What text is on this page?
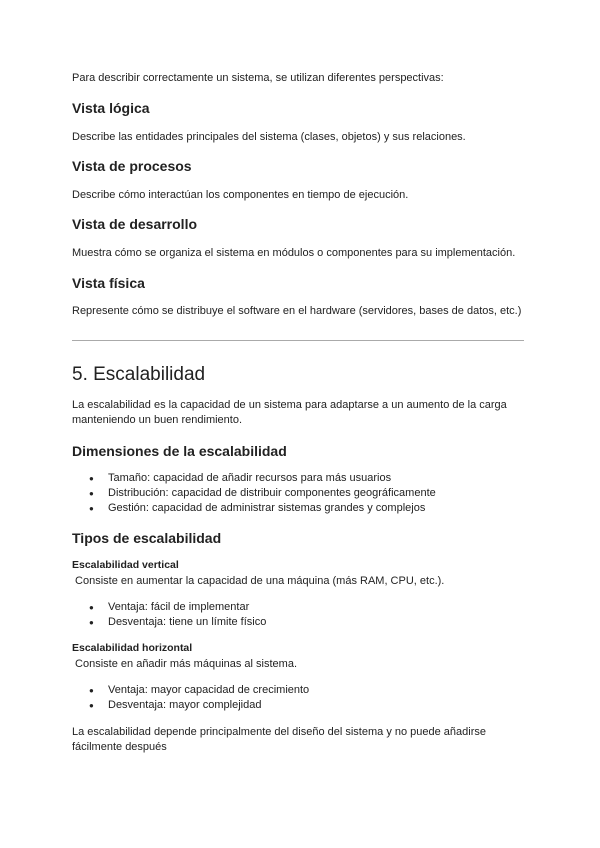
Para describir correctamente un sistema, se utilizan diferentes perspectivas:
Vista lógica
Describe las entidades principales del sistema (clases, objetos) y sus relaciones.
Vista de procesos
Describe cómo interactúan los componentes en tiempo de ejecución.
Vista de desarrollo
Muestra cómo se organiza el sistema en módulos o componentes para su implementación.
Vista física
Represente cómo se distribuye el software en el hardware (servidores, bases de datos, etc.)
5. Escalabilidad
La escalabilidad es la capacidad de un sistema para adaptarse a un aumento de la carga
manteniendo un buen rendimiento.
Dimensiones de la escalabilidad
● Tamaño: capacidad de añadir recursos para más usuarios
● Distribución: capacidad de distribuir componentes geográficamente
● Gestión: capacidad de administrar sistemas grandes y complejos
Tipos de escalabilidad
Escalabilidad vertical
Consiste en aumentar la capacidad de una máquina (más RAM, CPU, etc.).
● Ventaja: fácil de implementar
● Desventaja: tiene un límite físico
Escalabilidad horizontal
Consiste en añadir más máquinas al sistema.
● Ventaja: mayor capacidad de crecimiento
● Desventaja: mayor complejidad
La escalabilidad depende principalmente del diseño del sistema y no puede añadirse
fácilmente después
